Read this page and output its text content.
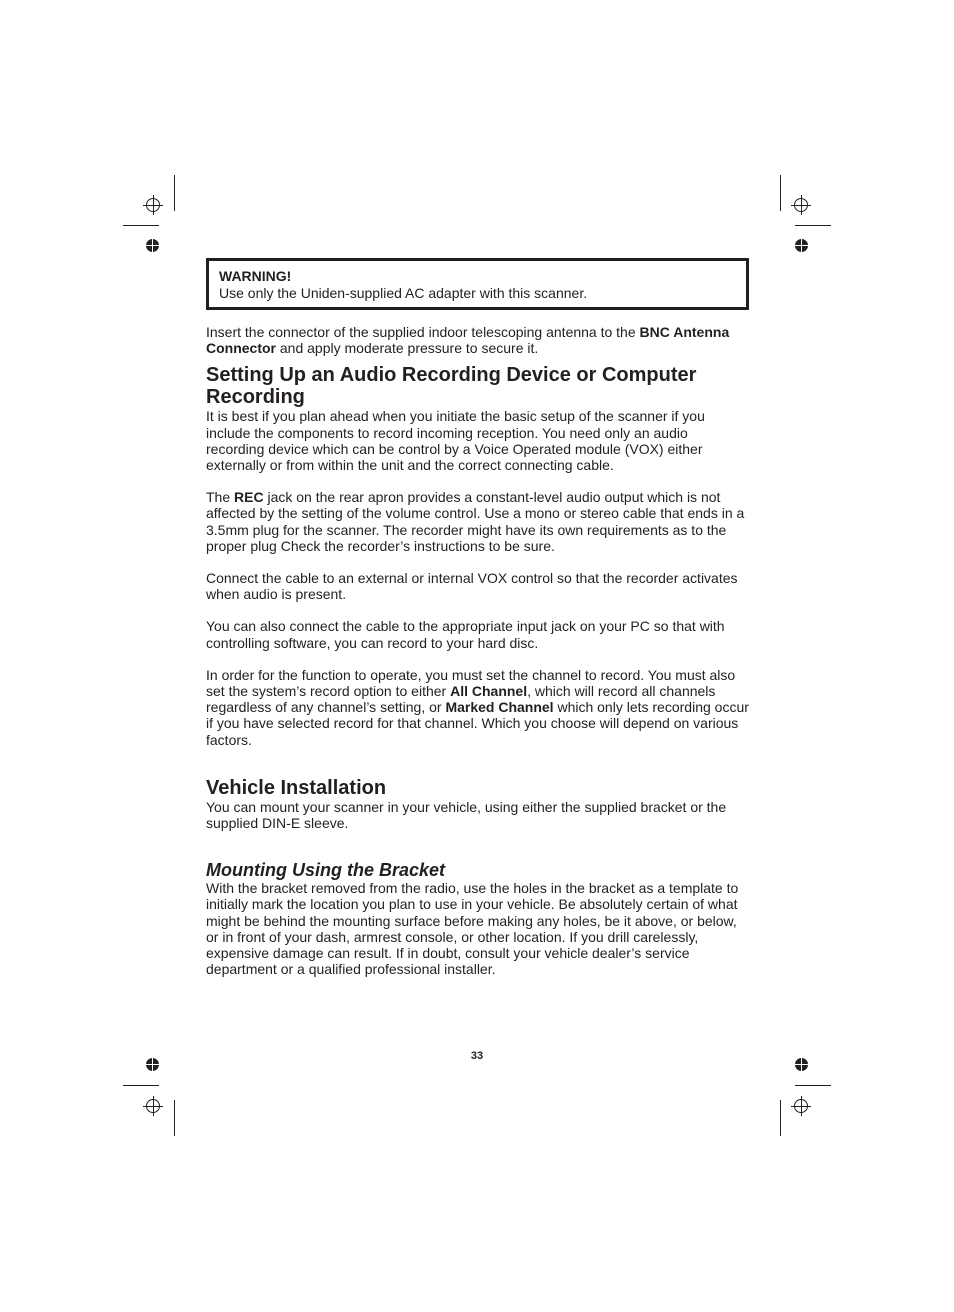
WARNING!
Use only the Uniden-supplied AC adapter with this scanner.

Insert the connector of the supplied indoor telescoping antenna to the BNC Antenna Connector and apply moderate pressure to secure it.

Setting Up an Audio Recording Device or Computer Recording

It is best if you plan ahead when you initiate the basic setup of the scanner if you include the components to record incoming reception. You need only an audio recording device which can be control by a Voice Operated module (VOX) either externally or from within the unit and the correct connecting cable.

The REC jack on the rear apron provides a constant-level audio output which is not affected by the setting of the volume control. Use a mono or stereo cable that ends in a 3.5mm plug for the scanner. The recorder might have its own requirements as to the proper plug Check the recorder’s instructions to be sure.

Connect the cable to an external or internal VOX control so that the recorder activates when audio is present.

You can also connect the cable to the appropriate input jack on your PC so that with controlling software, you can record to your hard disc.

In order for the function to operate, you must set the channel to record. You must also set the system’s record option to either All Channel, which will record all channels regardless of any channel’s setting, or Marked Channel which only lets recording occur if you have selected record for that channel. Which you choose will depend on various factors.

Vehicle Installation

You can mount your scanner in your vehicle, using either the supplied bracket or the supplied DIN-E sleeve.

Mounting Using the Bracket

With the bracket removed from the radio, use the holes in the bracket as a template to initially mark the location you plan to use in your vehicle. Be absolutely certain of what might be behind the mounting surface before making any holes, be it above, or below, or in front of your dash, armrest console, or other location. If you drill carelessly, expensive damage can result. If in doubt, consult your vehicle dealer’s service department or a qualified professional installer.

33
